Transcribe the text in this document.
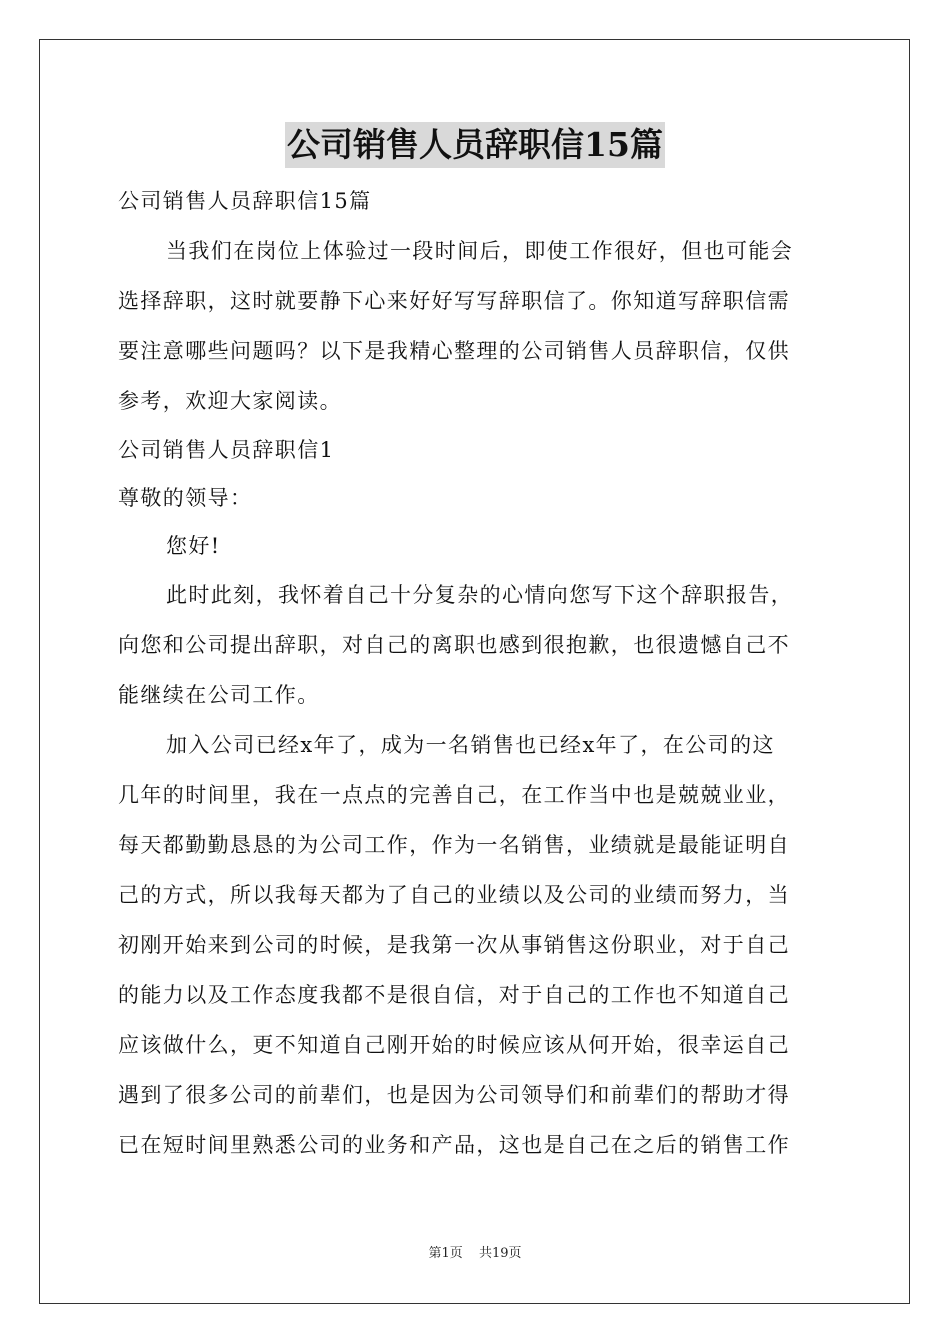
公司销售人员辞职信15篇

公司销售人员辞职信15篇

当我们在岗位上体验过一段时间后，即使工作很好，但也可能会

选择辞职，这时就要静下心来好好写写辞职信了。你知道写辞职信需

要注意哪些问题吗？以下是我精心整理的公司销售人员辞职信，仅供

参考，欢迎大家阅读。

公司销售人员辞职信1

尊敬的领导：

您好!

此时此刻，我怀着自己十分复杂的心情向您写下这个辞职报告，

向您和公司提出辞职，对自己的离职也感到很抱歉，也很遗憾自己不

能继续在公司工作。

加入公司已经x年了，成为一名销售也已经x年了，在公司的这

几年的时间里，我在一点点的完善自己，在工作当中也是兢兢业业，

每天都勤勤恳恳的为公司工作，作为一名销售，业绩就是最能证明自

己的方式，所以我每天都为了自己的业绩以及公司的业绩而努力，当

初刚开始来到公司的时候，是我第一次从事销售这份职业，对于自己

的能力以及工作态度我都不是很自信，对于自己的工作也不知道自己

应该做什么，更不知道自己刚开始的时候应该从何开始，很幸运自己

遇到了很多公司的前辈们，也是因为公司领导们和前辈们的帮助才得

已在短时间里熟悉公司的业务和产品，这也是自己在之后的销售工作

第1页 共19页
